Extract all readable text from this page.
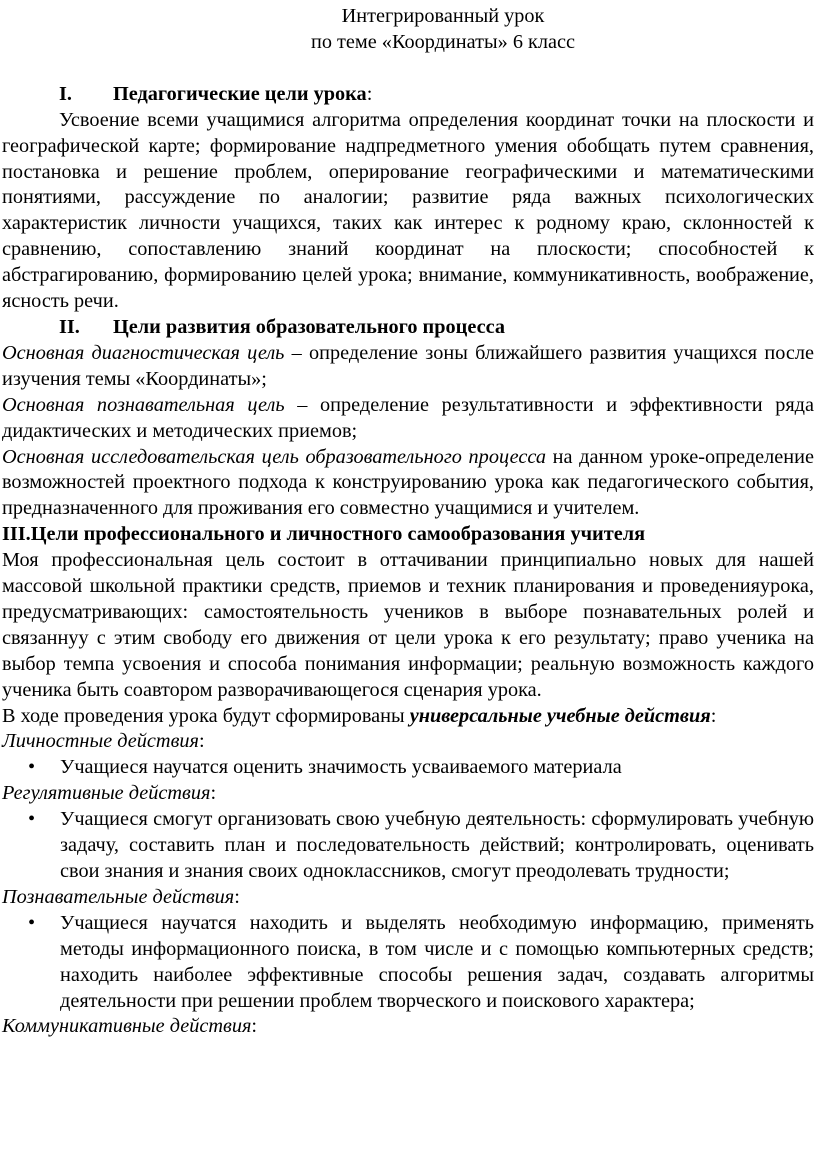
Интегрированный урок

по теме «Координаты» 6 класс

I.	Педагогические цели урока:

Усвоение всеми учащимися алгоритма определения координат точки на плоскости и географической карте; формирование надпредметного умения обобщать путем сравнения, постановка и решение проблем, оперирование географическими и математическими понятиями, рассуждение по аналогии; развитие ряда важных психологических характеристик личности учащихся, таких как интерес к родному краю, склонностей к сравнению, сопоставлению знаний координат на плоскости; способностей к абстрагированию, формированию целей урока; внимание, коммуникативность, воображение, ясность речи.

II.	Цели развития образовательного процесса

Основная диагностическая цель – определение зоны ближайшего развития учащихся после изучения темы «Координаты»;

Основная познавательная цель – определение результативности и эффективности ряда дидактических и методических приемов;

Основная исследовательская цель образовательного процесса на данном уроке-определение возможностей проектного подхода к конструированию урока как педагогического события, предназначенного для проживания его совместно учащимися и учителем.

III.Цели профессионального и личностного самообразования учителя

Моя профессиональная цель состоит в оттачивании принципиально новых для нашей массовой школьной практики средств, приемов и техник планирования и проведенияурока, предусматривающих: самостоятельность учеников в выборе познавательных ролей и связаннуу с этим свободу его движения от цели урока к его результату; право ученика на выбор темпа усвоения и способа понимания информации; реальную возможность каждого ученика быть соавтором разворачивающегося сценария урока.

В ходе проведения урока будут сформированы универсальные учебные действия:

Личностные действия:

•	Учащиеся научатся оценить значимость усваиваемого материала

Регулятивные действия:

•	Учащиеся смогут организовать свою учебную деятельность: сформулировать учебную задачу, составить план и последовательность действий; контролировать, оценивать свои знания и знания своих одноклассников, смогут преодолевать трудности;

Познавательные действия:

•	Учащиеся научатся находить и выделять необходимую информацию, применять методы информационного поиска, в том числе и с помощью компьютерных средств; находить наиболее эффективные способы решения задач, создавать алгоритмы деятельности при решении проблем творческого и поискового характера;

Коммуникативные действия:
